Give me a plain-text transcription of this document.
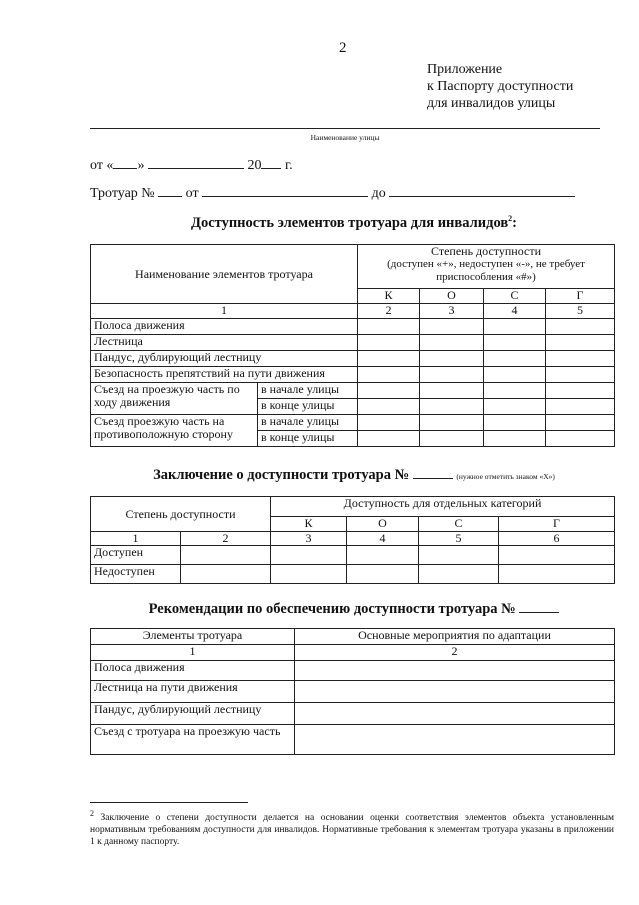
2
Приложение
к Паспорту доступности
для инвалидов улицы
Наименование улицы
от « »	20 г.
Тротуар № от	до
Доступность элементов тротуара для инвалидов$^2$:
Наименование элементов тротуара		Степень доступности
(доступен «+», недоступен «-», не требует приспособления «#»)			

		К	О	С	Г
1		2	3	4	5
Полоса движения					
Лестница					
Пандус, дублирующий лестницу					
Безопасность препятствий на пути движения					
Съезд на проезжую часть по ходу движения	в начале улицы				
	в конце улицы				
Съезд проезжую часть на противоположную сторону	в начале улицы				
	в конце улицы				
Заключение о доступности тротуара №	(нужное отметить знаком «Х»)
Степень доступности		Доступность для отдельных категорий			
		К	О	С	Г
1	2	3	4	5	6
Доступен					
Недоступен					
Рекомендации по обеспечению доступности тротуара №
Элементы тротуара	Основные мероприятия по адаптации
1	2
Полоса движения	
Лестница на пути движения	
Пандус, дублирующий лестницу	
Съезд с тротуара на проезжую часть	
$^2$ Заключение о степени доступности делается на основании оценки соответствия элементов объекта установленным нормативным требованиям доступности для инвалидов. Нормативные требования к элементам тротуара указаны в приложении 1 к данному паспорту.
